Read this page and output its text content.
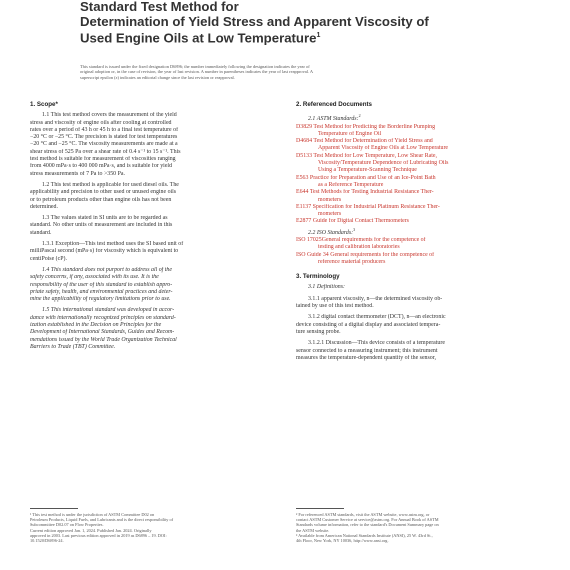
Standard Test Method for
Determination of Yield Stress and Apparent Viscosity of
Used Engine Oils at Low Temperature$^1$
This standard is issued under the fixed designation D6896; the number immediately following the designation indicates the year of
original adoption or, in the case of revision, the year of last revision. A number in parentheses indicates the year of last reapproval. A
superscript epsilon (ε) indicates an editorial change since the last revision or reapproval.

1. Scope*

1.1 This test method covers the measurement of the yield

stress and viscosity of engine oils after cooling at controlled

rates over a period of 43 h or 45 h to a final test temperature of

−20 °C or −25 °C. The precision is stated for test temperatures

−20 °C and −25 °C. The viscosity measurements are made at a

shear stress of 525 Pa over a shear rate of 0.4 s⁻¹ to 15 s⁻¹. This

test method is suitable for measurement of viscosities ranging

from 4000 mPa·s to 400 000 mPa·s, and is suitable for yield

stress measurements of 7 Pa to >350 Pa.

1.2 This test method is applicable for used diesel oils. The

applicability and precision to other used or unused engine oils

or to petroleum products other than engine oils has not been

determined.

1.3 The values stated in SI units are to be regarded as

standard. No other units of measurement are included in this

standard.

1.3.1 Exception—This test method uses the SI based unit of

milliPascal second (mPa·s) for viscosity which is equivalent to

centiPoise (cP).

1.4 This standard does not purport to address all of the

safety concerns, if any, associated with its use. It is the

responsibility of the user of this standard to establish appro-

priate safety, health, and environmental practices and deter-

mine the applicability of regulatory limitations prior to use.

1.5 This international standard was developed in accor-

dance with internationally recognized principles on standard-

ization established in the Decision on Principles for the

Development of International Standards, Guides and Recom-

mendations issued by the World Trade Organization Technical

Barriers to Trade (TBT) Committee.

2. Referenced Documents

2.1 ASTM Standards:$^2$

D3829 Test Method for Predicting the Borderline Pumping
Temperature of Engine Oil
D4684 Test Method for Determination of Yield Stress and
Apparent Viscosity of Engine Oils at Low Temperature
D5133 Test Method for Low Temperature, Low Shear Rate,
Viscosity/Temperature Dependence of Lubricating Oils
Using a Temperature-Scanning Technique
E563 Practice for Preparation and Use of an Ice-Point Bath
as a Reference Temperature
E644 Test Methods for Testing Industrial Resistance Ther-
mometers
E1137 Specification for Industrial Platinum Resistance Ther-
mometers
E2877 Guide for Digital Contact Thermometers

2.2 ISO Standards:$^3$

ISO 17025General requirements for the competence of
testing and calibration laboratories
ISO Guide 34 General requirements for the competence of
reference material producers

3. Terminology

3.1 Definitions:

3.1.1 apparent viscosity, n—the determined viscosity ob-

tained by use of this test method.

3.1.2 digital contact thermometer (DCT), n—an electronic

device consisting of a digital display and associated tempera-

ture sensing probe.

3.1.2.1 Discussion—This device consists of a temperature

sensor connected to a measuring instrument; this instrument

measures the temperature-dependent quantity of the sensor,

¹ This test method is under the jurisdiction of ASTM Committee D02 on

Petroleum Products, Liquid Fuels, and Lubricants and is the direct responsibility of

Subcommittee D02.07 on Flow Properties.

Current edition approved Jan. 1, 2024. Published Jan. 2024. Originally

approved in 2003. Last previous edition approved in 2019 as D6896 – 19. DOI:

10.1520/D6896-24.

² For referenced ASTM standards, visit the ASTM website, www.astm.org, or

contact ASTM Customer Service at service@astm.org. For Annual Book of ASTM

Standards volume information, refer to the standard's Document Summary page on

the ASTM website.

³ Available from American National Standards Institute (ANSI), 25 W. 43rd St.,

4th Floor, New York, NY 10036, http://www.ansi.org.
